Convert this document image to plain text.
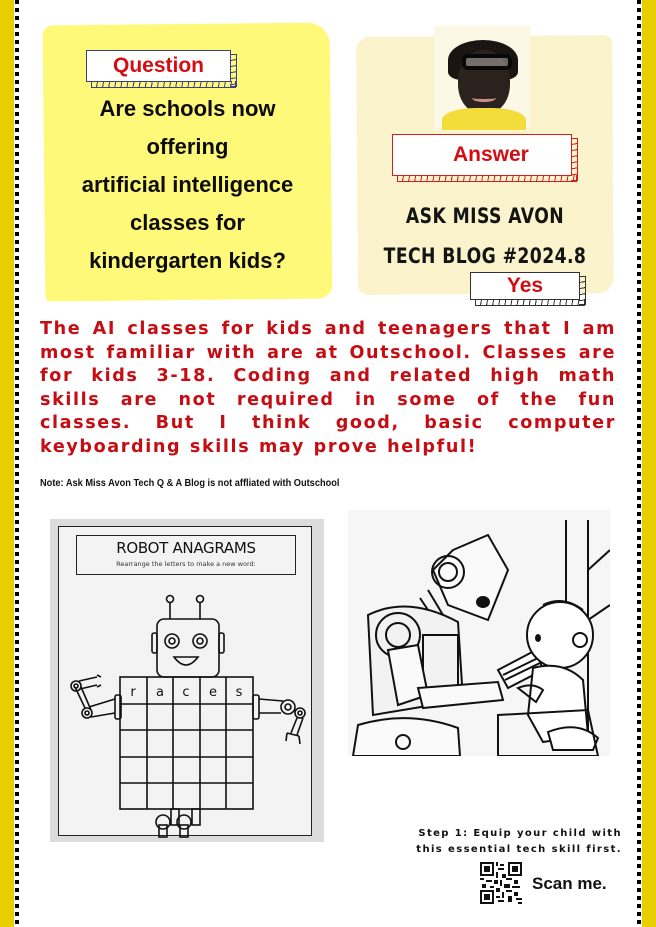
Question
Are schools now
offering
artificial intelligence
classes for
kindergarten kids?
Answer
ASK MISS AVON
TECH BLOG #2024.8
Yes
The AI classes for kids and teenagers that I am most familiar with are at Outschool. Classes are for kids 3-18. Coding and related high math skills are not required in some of the fun classes. But I think good, basic computer keyboarding skills may prove helpful!
Note: Ask Miss Avon Tech Q & A Blog is not affliated with Outschool
ROBOT ANAGRAMS
Rearrange the letters to make a new word:
r a c e s
Step 1: Equip your child with
this essential tech skill first.
Scan me.
